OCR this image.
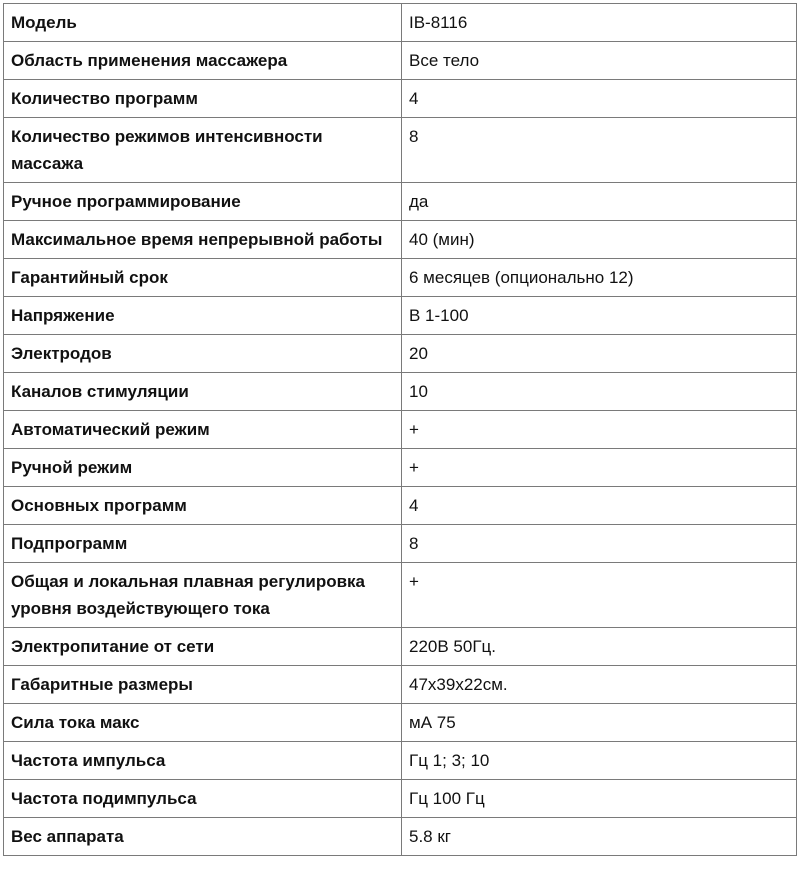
Модель	IB-8116
Область применения массажера	Все тело
Количество программ	4
Количество режимов интенсивности массажа	8
Ручное программирование	да
Максимальное время непрерывной работы	40 (мин)
Гарантийный срок	6 месяцев (опционально 12)
Напряжение	В 1-100
Электродов	20
Каналов стимуляции	10
Автоматический режим	+
Ручной режим	+
Основных программ	4
Подпрограмм	8
Общая и локальная плавная регулировка уровня воздействующего тока	+
Электропитание от сети	220В 50Гц.
Габаритные размеры	47х39х22см.
Сила тока макс	мА 75
Частота импульса	Гц 1; 3; 10
Частота подимпульса	Гц 100 Гц
Вес аппарата	5.8 кг
